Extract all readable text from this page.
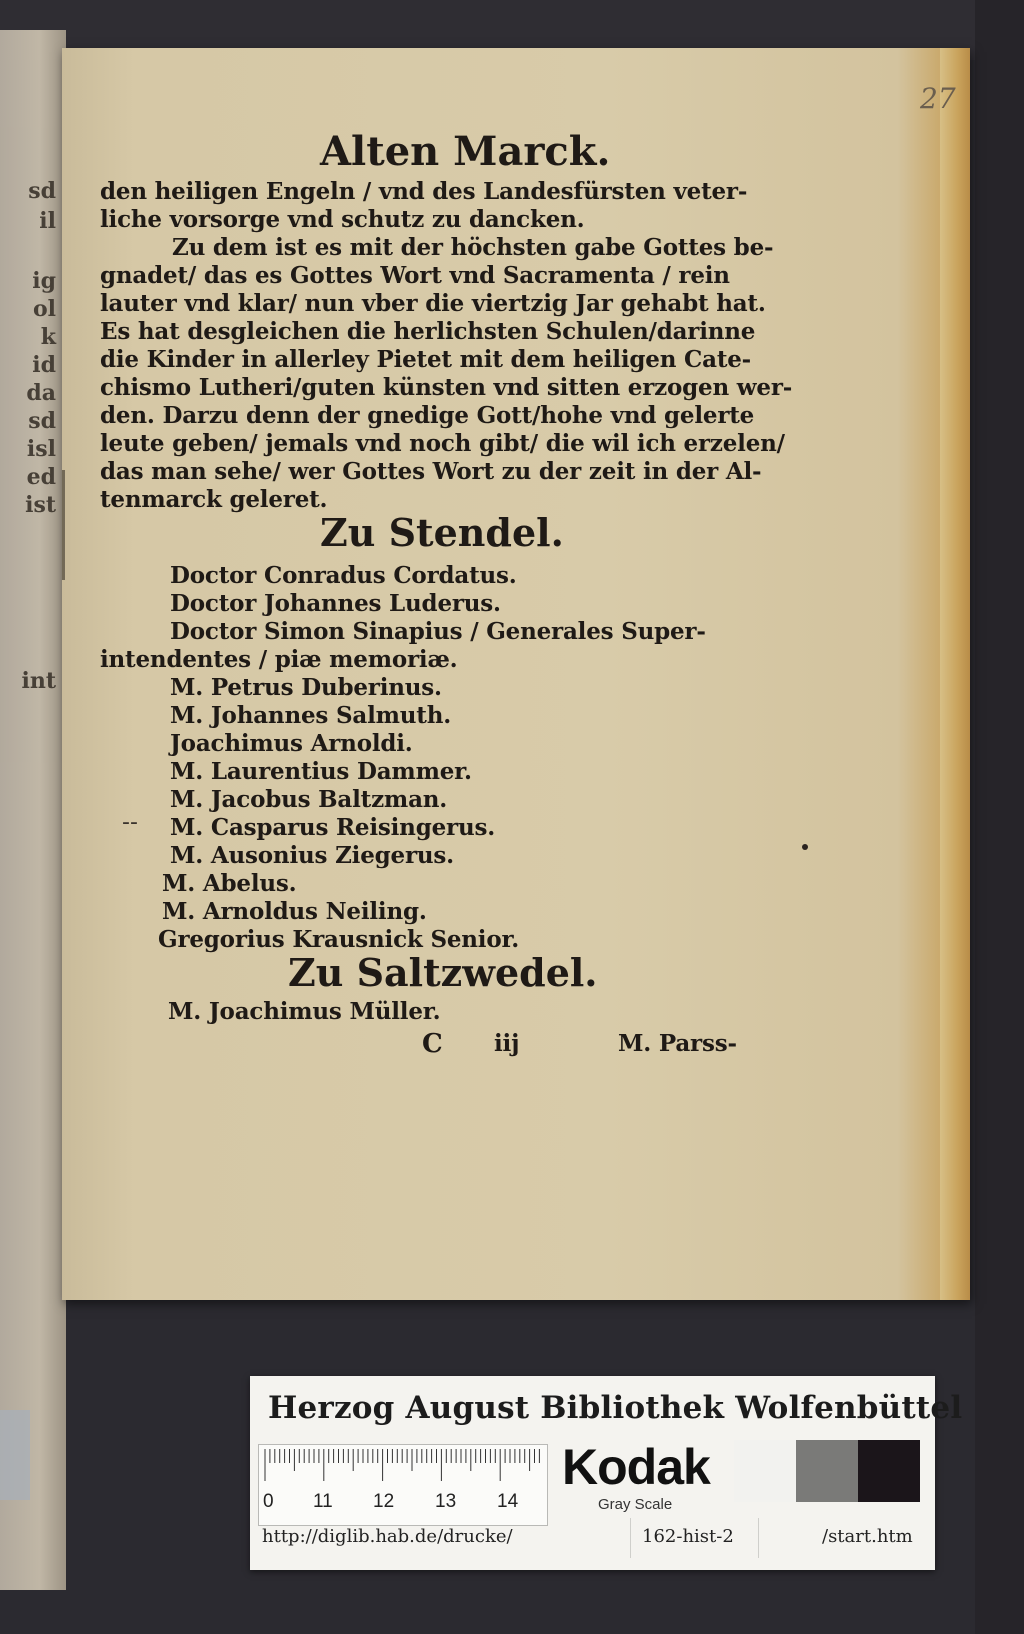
sd
il
ig
ol
k
id
da
sd
isl
ed
ist
int
27
Alten Marck.
den heiligen Engeln / vnd des Landesfürsten veter-
liche vorsorge vnd schutz zu dancken.
Zu dem ist es mit der höchsten gabe Gottes be-
gnadet/ das es Gottes Wort vnd Sacramenta / rein
lauter vnd klar/ nun vber die viertzig Jar gehabt hat.
Es hat desgleichen die herlichsten Schulen/darinne
die Kinder in allerley Pietet mit dem heiligen Cate-
chismo Lutheri/guten künsten vnd sitten erzogen wer-
den. Darzu denn der gnedige Gott/hohe vnd gelerte
leute geben/ jemals vnd noch gibt/ die wil ich erzelen/
das man sehe/ wer Gottes Wort zu der zeit in der Al-
tenmarck geleret.
Zu Stendel.
Doctor Conradus Cordatus.
Doctor Johannes Luderus.
Doctor Simon Sinapius / Generales Super-
intendentes / piæ memoriæ.
M. Petrus Duberinus.
M. Johannes Salmuth.
Joachimus Arnoldi.
M. Laurentius Dammer.
M. Jacobus Baltzman.
M. Casparus Reisingerus.
M. Ausonius Ziegerus.
M. Abelus.
M. Arnoldus Neiling.
Gregorius Krausnick Senior.
Zu Saltzwedel.
M. Joachimus Müller.
C iij	M. Parss-
--
Herzog August Bibliothek Wolfenbüttel
0 11 12 13 14
Kodak
Gray Scale
http://diglib.hab.de/drucke/	162-hist-2	/start.htm
